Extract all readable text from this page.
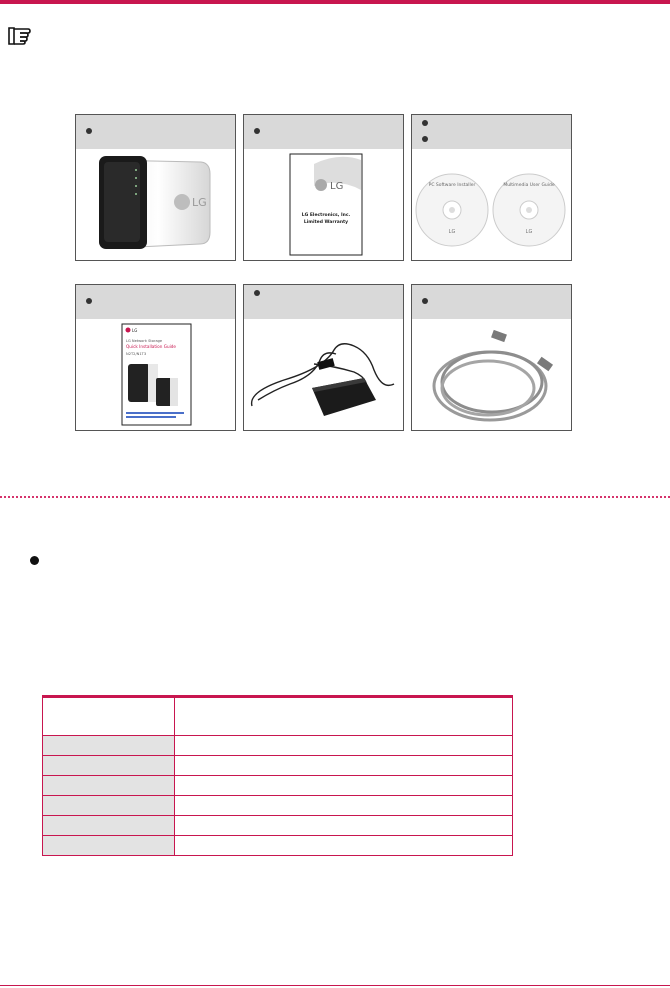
LG
LG
LG Electronics, Inc.
Limited Warranty
PC Software Installer
LG
Multimedia User Guide
LG
LG
LG Network Storage
Quick Installation Guide
N2T2/N1T3
